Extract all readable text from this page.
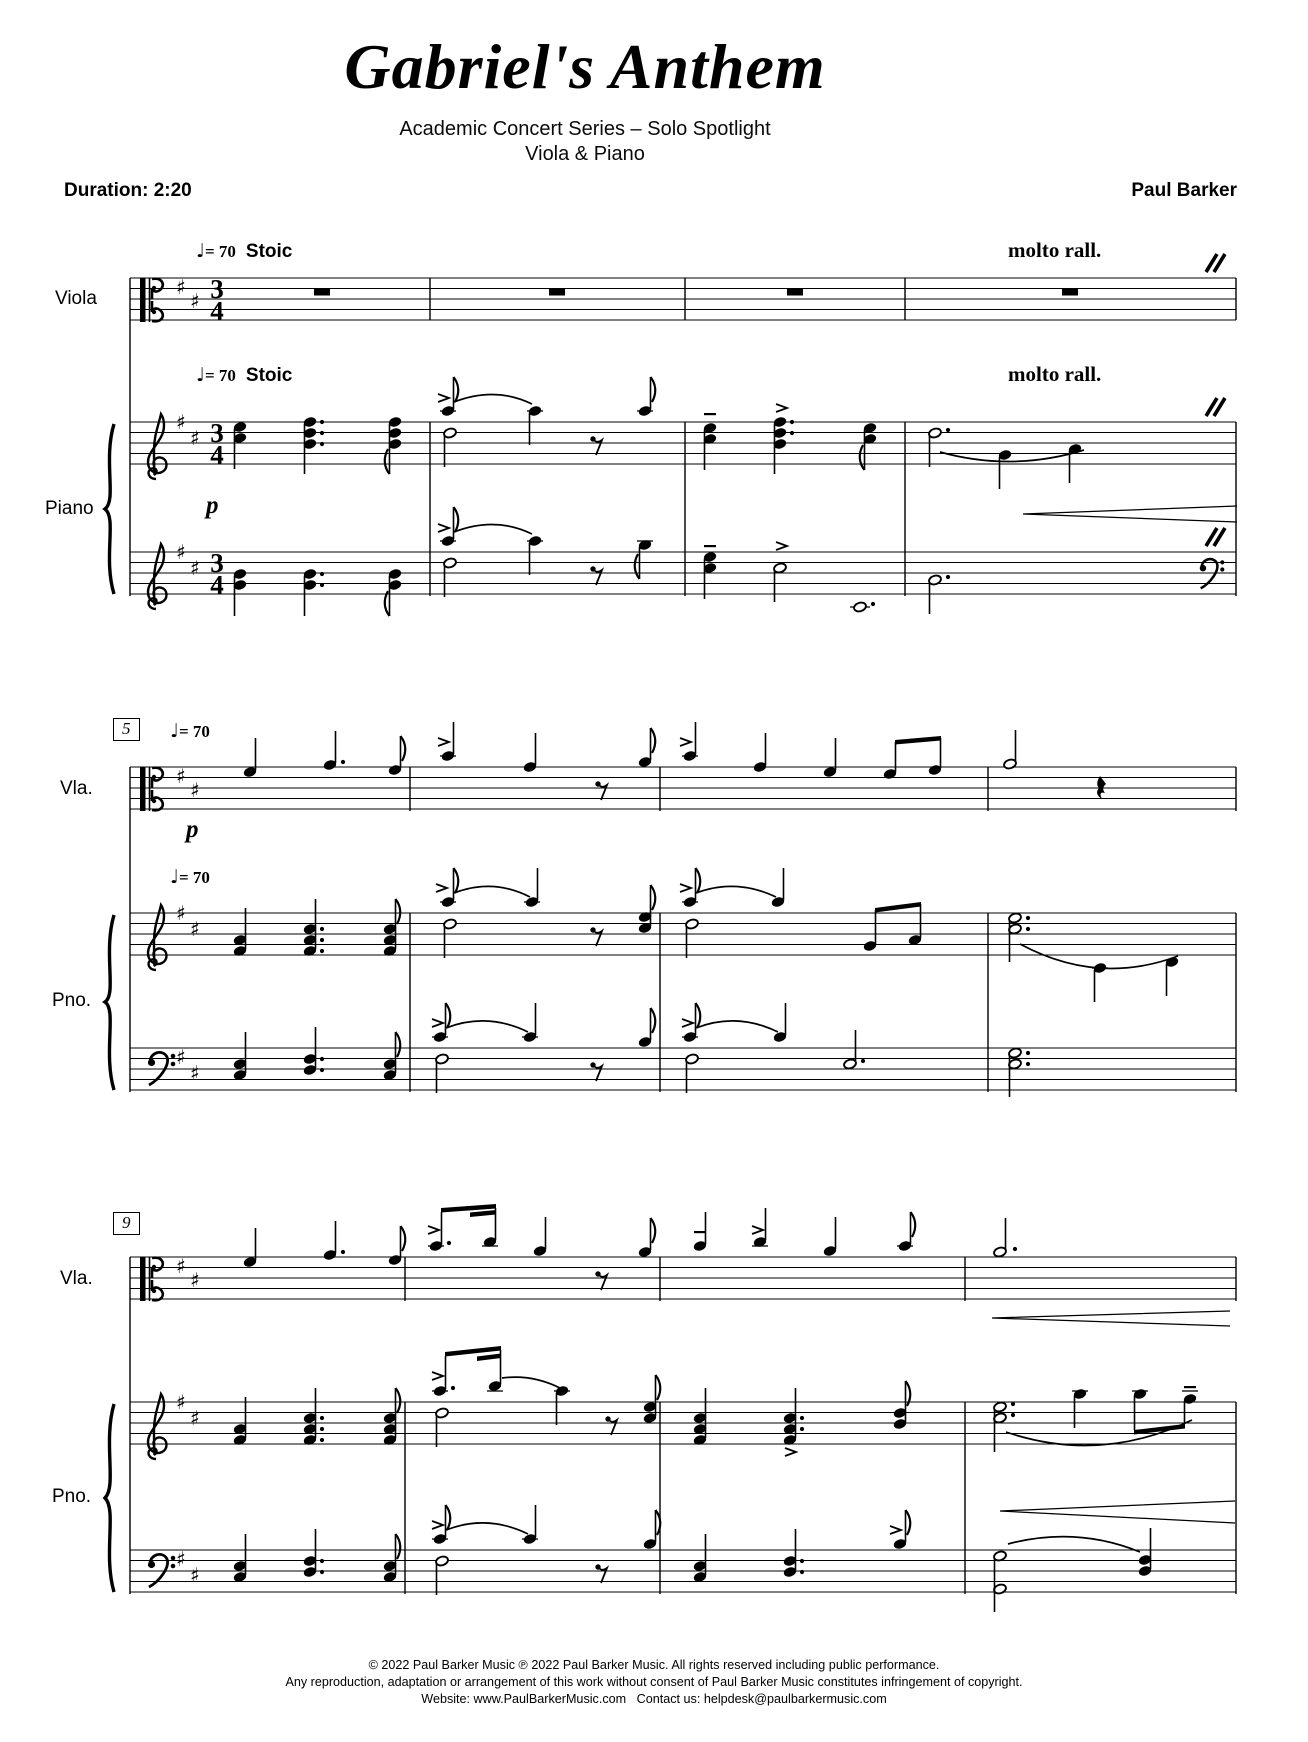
Gabriel's Anthem
Academic Concert Series – Solo Spotlight
Viola & Piano
Duration: 2:20	Paul Barker
♩= 70 Stoic	molto rall.
♩= 70 Stoic	molto rall.
p
Viola
Piano
5	♩= 70
p
♩= 70
Vla.
Pno.
9
Vla.
Pno.
© 2022 Paul Barker Music ℗ 2022 Paul Barker Music. All rights reserved including public performance.
Any reproduction, adaptation or arrangement of this work without consent of Paul Barker Music constitutes infringement of copyright.
Website: www.PaulBarkerMusic.com   Contact us: helpdesk@paulbarkermusic.com
♯
♯
♯
♯
♯
♯
♯
♯
♯
♯
♯
♯
♯
♯
♯
♯
♯
♯
3
4
3
4
3
4
